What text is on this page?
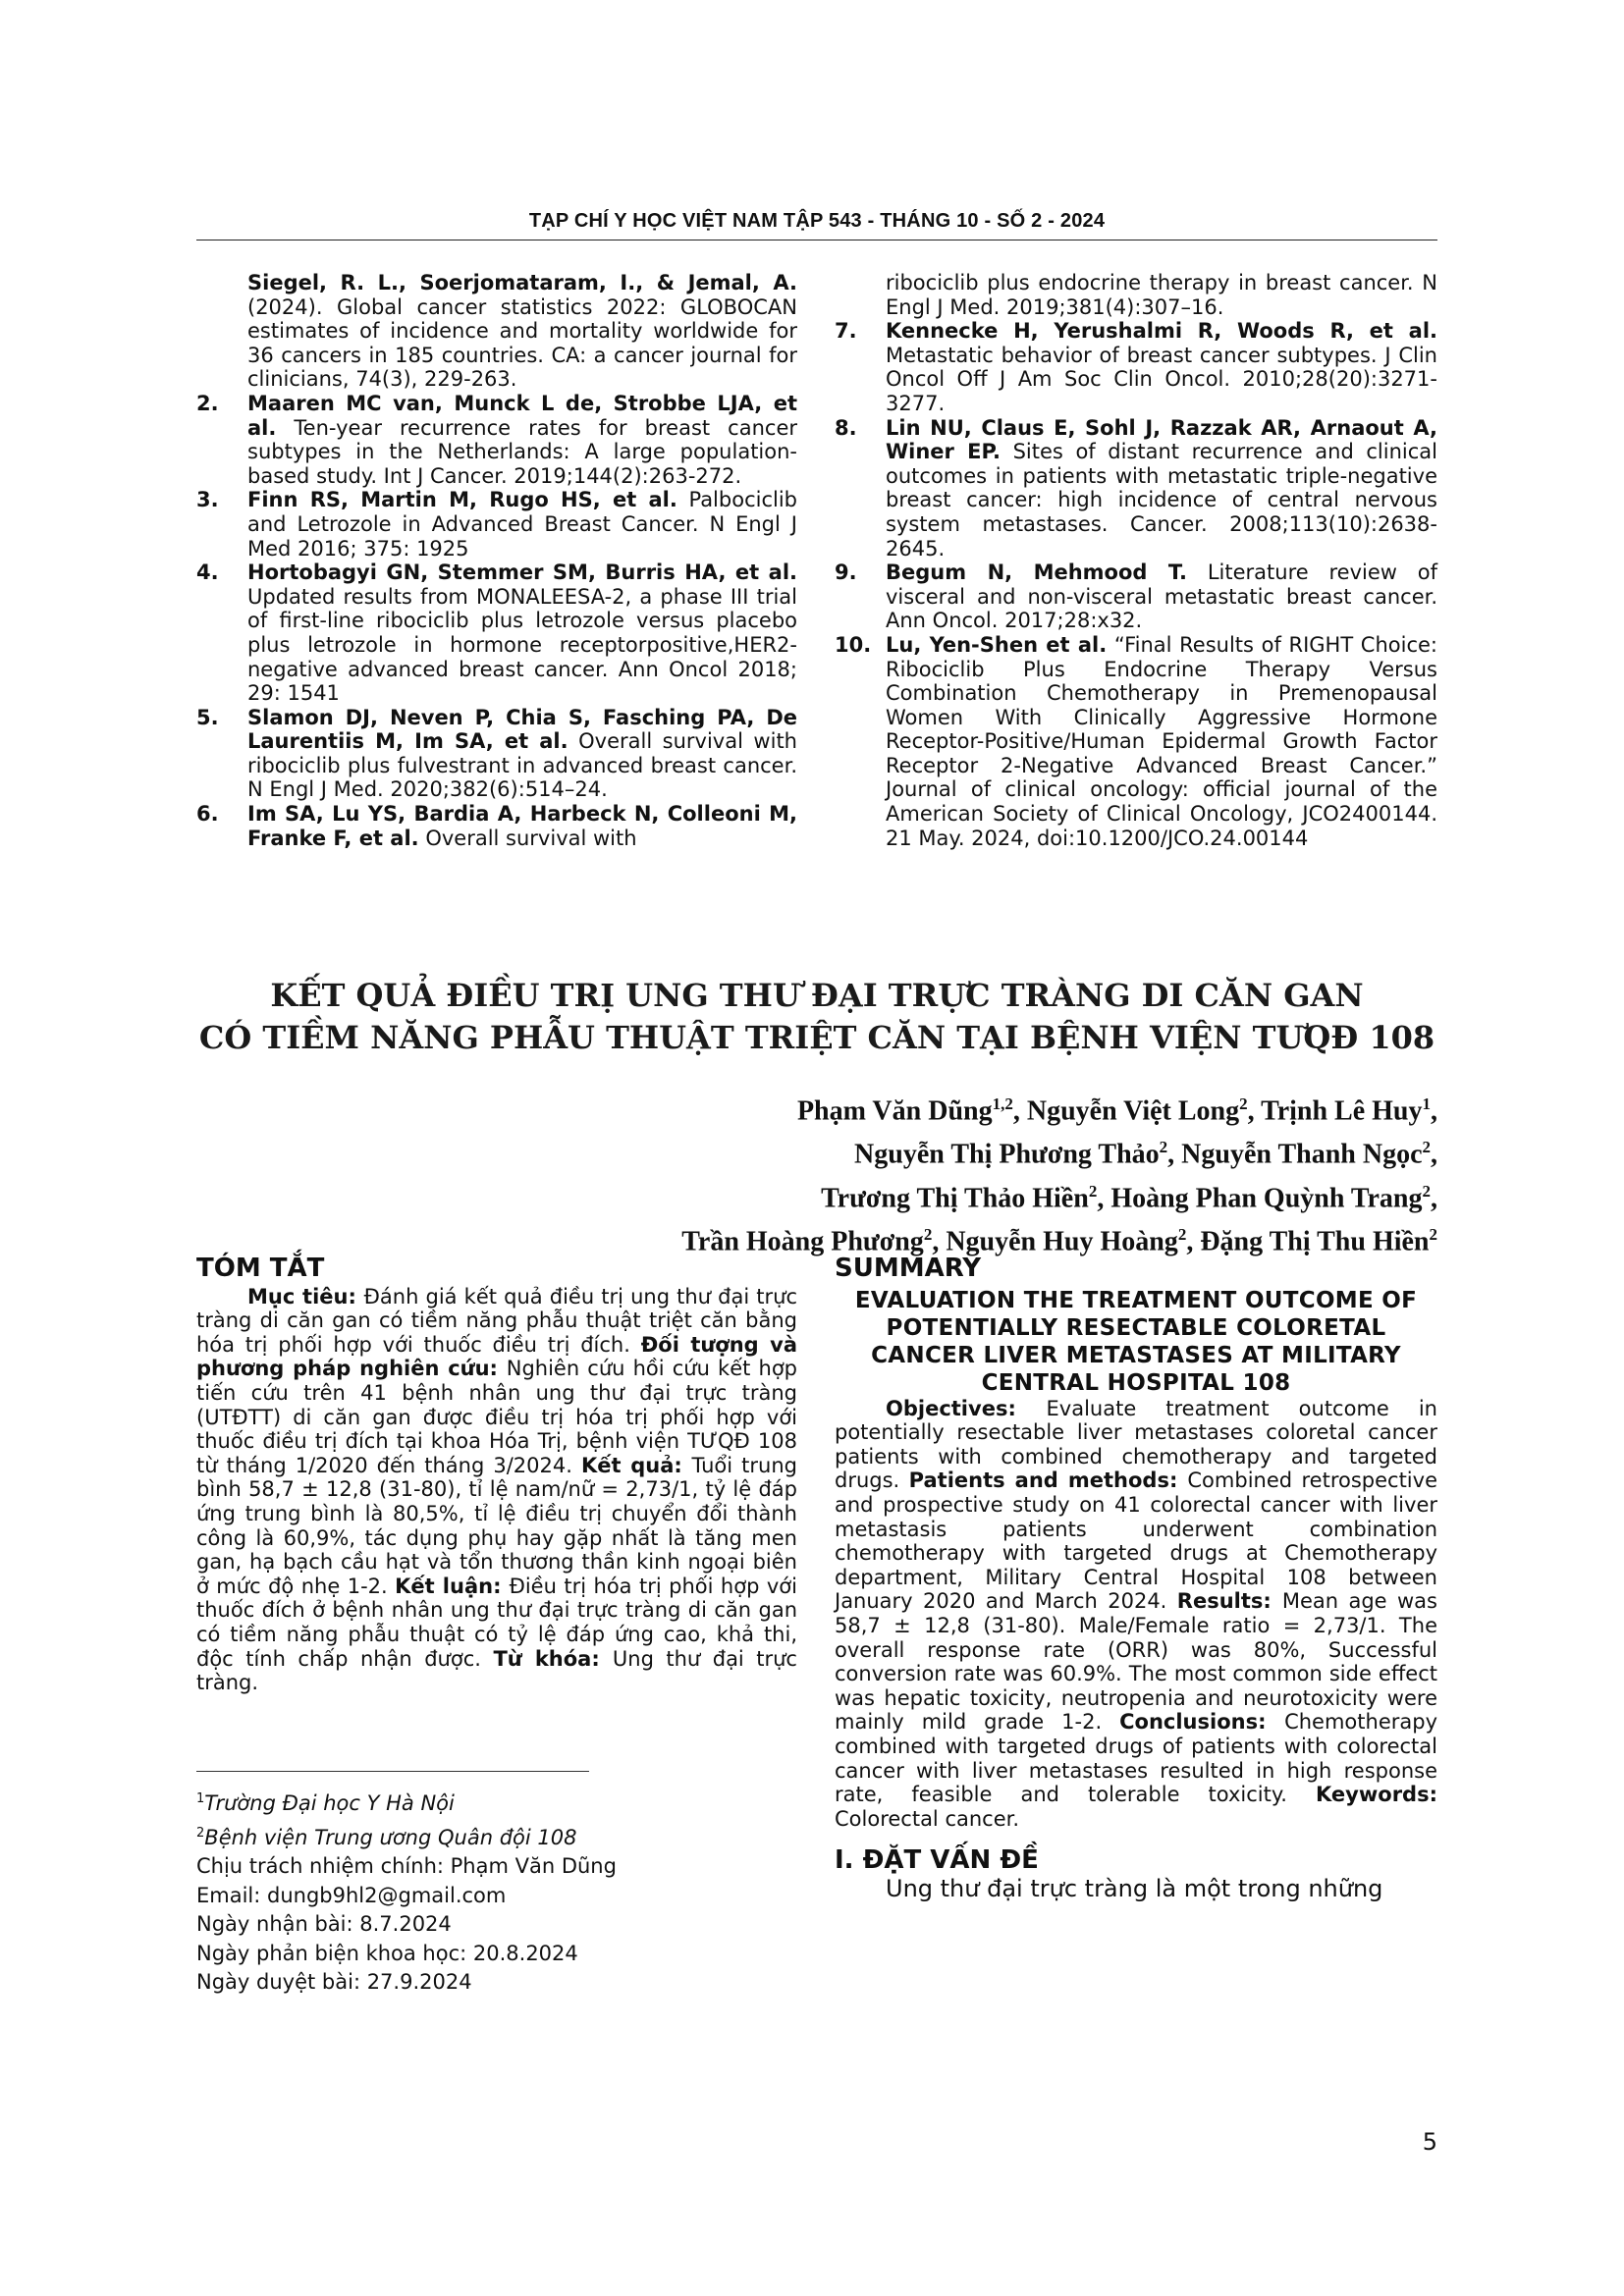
TẠP CHÍ Y HỌC VIỆT NAM TẬP 543 - THÁNG 10 - SỐ 2 - 2024
Siegel, R. L., Soerjomataram, I., & Jemal, A. (2024). Global cancer statistics 2022: GLOBOCAN estimates of incidence and mortality worldwide for 36 cancers in 185 countries. CA: a cancer journal for clinicians, 74(3), 229-263.
2.	Maaren MC van, Munck L de, Strobbe LJA, et al. Ten-year recurrence rates for breast cancer subtypes in the Netherlands: A large population-based study. Int J Cancer. 2019;144(2):263-272.
3.	Finn RS, Martin M, Rugo HS, et al. Palbociclib and Letrozole in Advanced Breast Cancer. N Engl J Med 2016; 375: 1925
4.	Hortobagyi GN, Stemmer SM, Burris HA, et al. Updated results from MONALEESA-2, a phase III trial of first-line ribociclib plus letrozole versus placebo plus letrozole in hormone receptorpositive,HER2-negative advanced breast cancer. Ann Oncol 2018; 29: 1541
5.	Slamon DJ, Neven P, Chia S, Fasching PA, De Laurentiis M, Im SA, et al. Overall survival with ribociclib plus fulvestrant in advanced breast cancer. N Engl J Med. 2020;382(6):514–24.
6.	Im SA, Lu YS, Bardia A, Harbeck N, Colleoni M, Franke F, et al. Overall survival with
ribociclib plus endocrine therapy in breast cancer. N Engl J Med. 2019;381(4):307–16.
7.	Kennecke H, Yerushalmi R, Woods R, et al. Metastatic behavior of breast cancer subtypes. J Clin Oncol Off J Am Soc Clin Oncol. 2010;28(20):3271-3277.
8.	Lin NU, Claus E, Sohl J, Razzak AR, Arnaout A, Winer EP. Sites of distant recurrence and clinical outcomes in patients with metastatic triple-negative breast cancer: high incidence of central nervous system metastases. Cancer. 2008;113(10):2638-2645.
9.	Begum N, Mehmood T. Literature review of visceral and non-visceral metastatic breast cancer. Ann Oncol. 2017;28:x32.
10. Lu, Yen-Shen et al. “Final Results of RIGHT Choice: Ribociclib Plus Endocrine Therapy Versus Combination Chemotherapy in Premenopausal Women With Clinically Aggressive Hormone Receptor-Positive/Human Epidermal Growth Factor Receptor 2-Negative Advanced Breast Cancer.” Journal of clinical oncology: official journal of the American Society of Clinical Oncology, JCO2400144. 21 May. 2024, doi:10.1200/JCO.24.00144
KẾT QUẢ ĐIỀU TRỊ UNG THƯ ĐẠI TRỰC TRÀNG DI CĂN GAN
CÓ TIỀM NĂNG PHẪU THUẬT TRIỆT CĂN TẠI BỆNH VIỆN TƯQĐ 108
Phạm Văn Dũng$^{1,2}$, Nguyễn Việt Long$^2$, Trịnh Lê Huy$^1$,
Nguyễn Thị Phương Thảo$^2$, Nguyễn Thanh Ngọc$^2$,
Trương Thị Thảo Hiền$^2$, Hoàng Phan Quỳnh Trang$^2$,
Trần Hoàng Phương$^2$, Nguyễn Huy Hoàng$^2$, Đặng Thị Thu Hiền$^2$
TÓM TẮT

Mục tiêu: Đánh giá kết quả điều trị ung thư đại trực tràng di căn gan có tiềm năng phẫu thuật triệt căn bằng hóa trị phối hợp với thuốc điều trị đích. Đối tượng và phương pháp nghiên cứu: Nghiên cứu hồi cứu kết hợp tiến cứu trên 41 bệnh nhân ung thư đại trực tràng (UTĐTT) di căn gan được điều trị hóa trị phối hợp với thuốc điều trị đích tại khoa Hóa Trị, bệnh viện TƯQĐ 108 từ tháng 1/2020 đến tháng 3/2024. Kết quả: Tuổi trung bình 58,7 ± 12,8 (31-80), tỉ lệ nam/nữ = 2,73/1, tỷ lệ đáp ứng trung bình là 80,5%, tỉ lệ điều trị chuyển đổi thành công là 60,9%, tác dụng phụ hay gặp nhất là tăng men gan, hạ bạch cầu hạt và tổn thương thần kinh ngoại biên ở mức độ nhẹ 1-2. Kết luận: Điều trị hóa trị phối hợp với thuốc đích ở bệnh nhân ung thư đại trực tràng di căn gan có tiềm năng phẫu thuật có tỷ lệ đáp ứng cao, khả thi, độc tính chấp nhận được. Từ khóa: Ung thư đại trực tràng.

$^1$Trường Đại học Y Hà Nội
$^2$Bệnh viện Trung ương Quân đội 108
Chịu trách nhiệm chính: Phạm Văn Dũng
Email: dungb9hl2@gmail.com
Ngày nhận bài: 8.7.2024
Ngày phản biện khoa học: 20.8.2024
Ngày duyệt bài: 27.9.2024
SUMMARY
EVALUATION THE TREATMENT OUTCOME OF POTENTIALLY RESECTABLE COLORETAL CANCER LIVER METASTASES AT MILITARY CENTRAL HOSPITAL 108

Objectives: Evaluate treatment outcome in potentially resectable liver metastases coloretal cancer patients with combined chemotherapy and targeted drugs. Patients and methods: Combined retrospective and prospective study on 41 colorectal cancer with liver metastasis patients underwent combination chemotherapy with targeted drugs at Chemotherapy department, Military Central Hospital 108 between January 2020 and March 2024. Results: Mean age was 58,7 ± 12,8 (31-80). Male/Female ratio = 2,73/1. The overall response rate (ORR) was 80%, Successful conversion rate was 60.9%. The most common side effect was hepatic toxicity, neutropenia and neurotoxicity were mainly mild grade 1-2. Conclusions: Chemotherapy combined with targeted drugs of patients with colorectal cancer with liver metastases resulted in high response rate, feasible and tolerable toxicity. Keywords: Colorectal cancer.

I. ĐẶT VẤN ĐỀ

Ung thư đại trực tràng là một trong những

5
